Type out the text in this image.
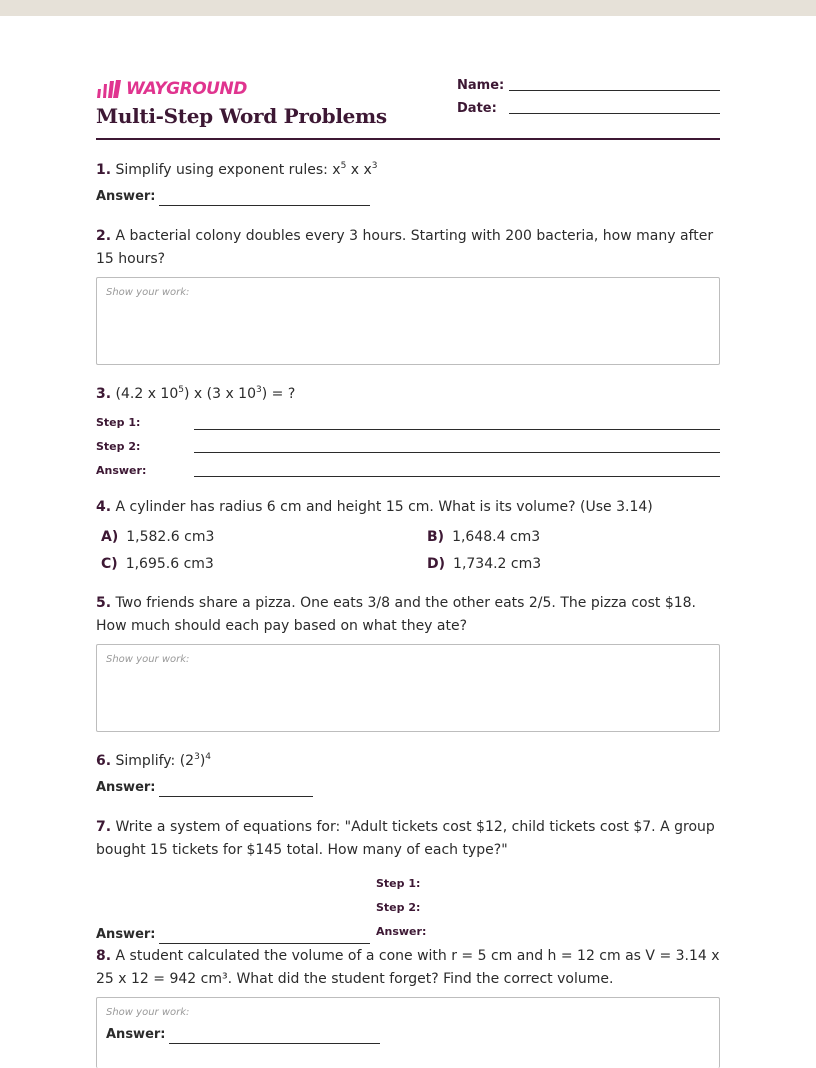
WAYGROUND
Multi-Step Word Problems
Name:
Date:
1. Simplify using exponent rules: $x^5$ x $x^3$
Answer:
2. A bacterial colony doubles every 3 hours. Starting with 200 bacteria, how many after 15 hours?
Show your work:
3. (4.2 x $10^5$) x (3 x $10^3$) = ?
Step 1:
Step 2:
Answer:
4. A cylinder has radius 6 cm and height 15 cm. What is its volume? (Use 3.14)
A) 1,582.6 cm3	B) 1,648.4 cm3
C) 1,695.6 cm3	D) 1,734.2 cm3
5. Two friends share a pizza. One eats 3/8 and the other eats 2/5. The pizza cost $18. How much should each pay based on what they ate?
Show your work:
6. Simplify: $(2^3)^4$
Answer:
7. Write a system of equations for: "Adult tickets cost $12, child tickets cost $7. A group bought 15 tickets for $145 total. How many of each type?"
Step 1:
Step 2:
Answer:
Answer:
8. A student calculated the volume of a cone with r = 5 cm and h = 12 cm as V = 3.14 x 25 x 12 = 942 cm³. What did the student forget? Find the correct volume.
Show your work:
Answer:
